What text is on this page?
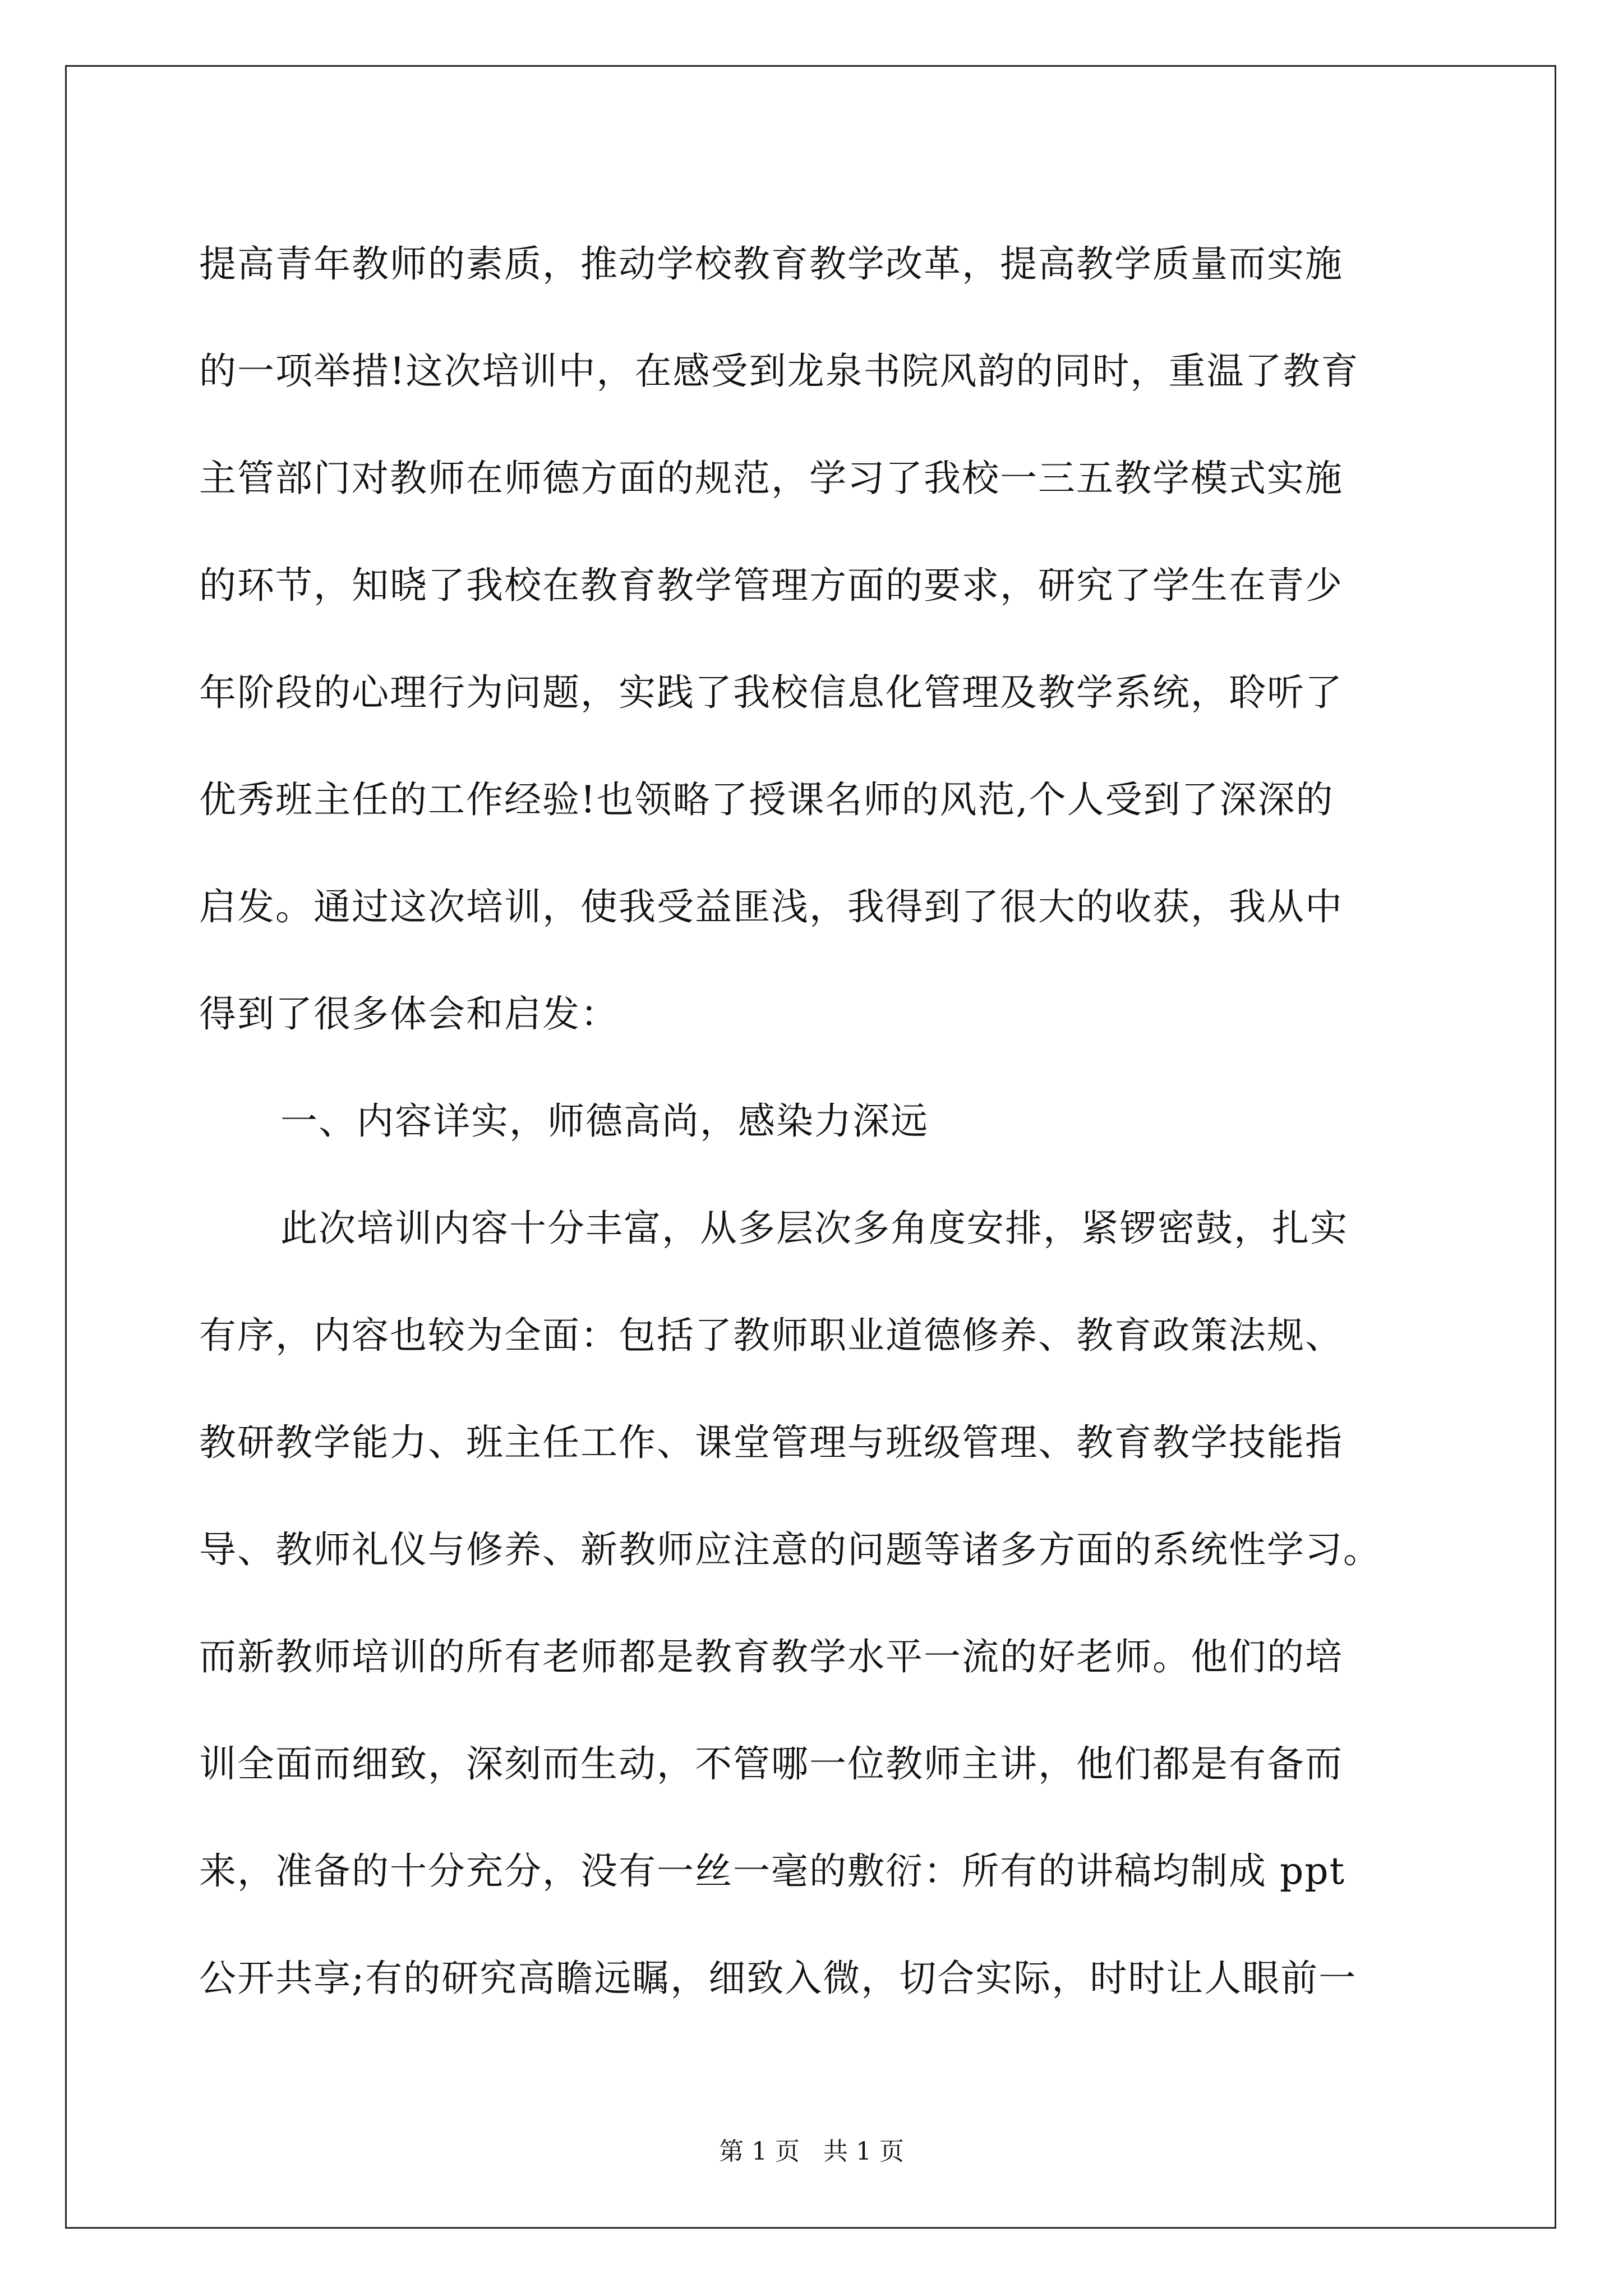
提高青年教师的素质，推动学校教育教学改革，提高教学质量而实施

的一项举措!这次培训中，在感受到龙泉书院风韵的同时，重温了教育

主管部门对教师在师德方面的规范，学习了我校一三五教学模式实施

的环节，知晓了我校在教育教学管理方面的要求，研究了学生在青少

年阶段的心理行为问题，实践了我校信息化管理及教学系统，聆听了

优秀班主任的工作经验!也领略了授课名师的风范,个人受到了深深的

启发。通过这次培训，使我受益匪浅，我得到了很大的收获，我从中

得到了很多体会和启发：

一、内容详实，师德高尚，感染力深远

此次培训内容十分丰富，从多层次多角度安排，紧锣密鼓，扎实

有序，内容也较为全面：包括了教师职业道德修养、教育政策法规、

教研教学能力、班主任工作、课堂管理与班级管理、教育教学技能指

导、教师礼仪与修养、新教师应注意的问题等诸多方面的系统性学习。

而新教师培训的所有老师都是教育教学水平一流的好老师。他们的培

训全面而细致，深刻而生动，不管哪一位教师主讲，他们都是有备而

来，准备的十分充分，没有一丝一毫的敷衍：所有的讲稿均制成 ppt

公开共享;有的研究高瞻远瞩，细致入微，切合实际，时时让人眼前一

第 1 页   共 1 页
